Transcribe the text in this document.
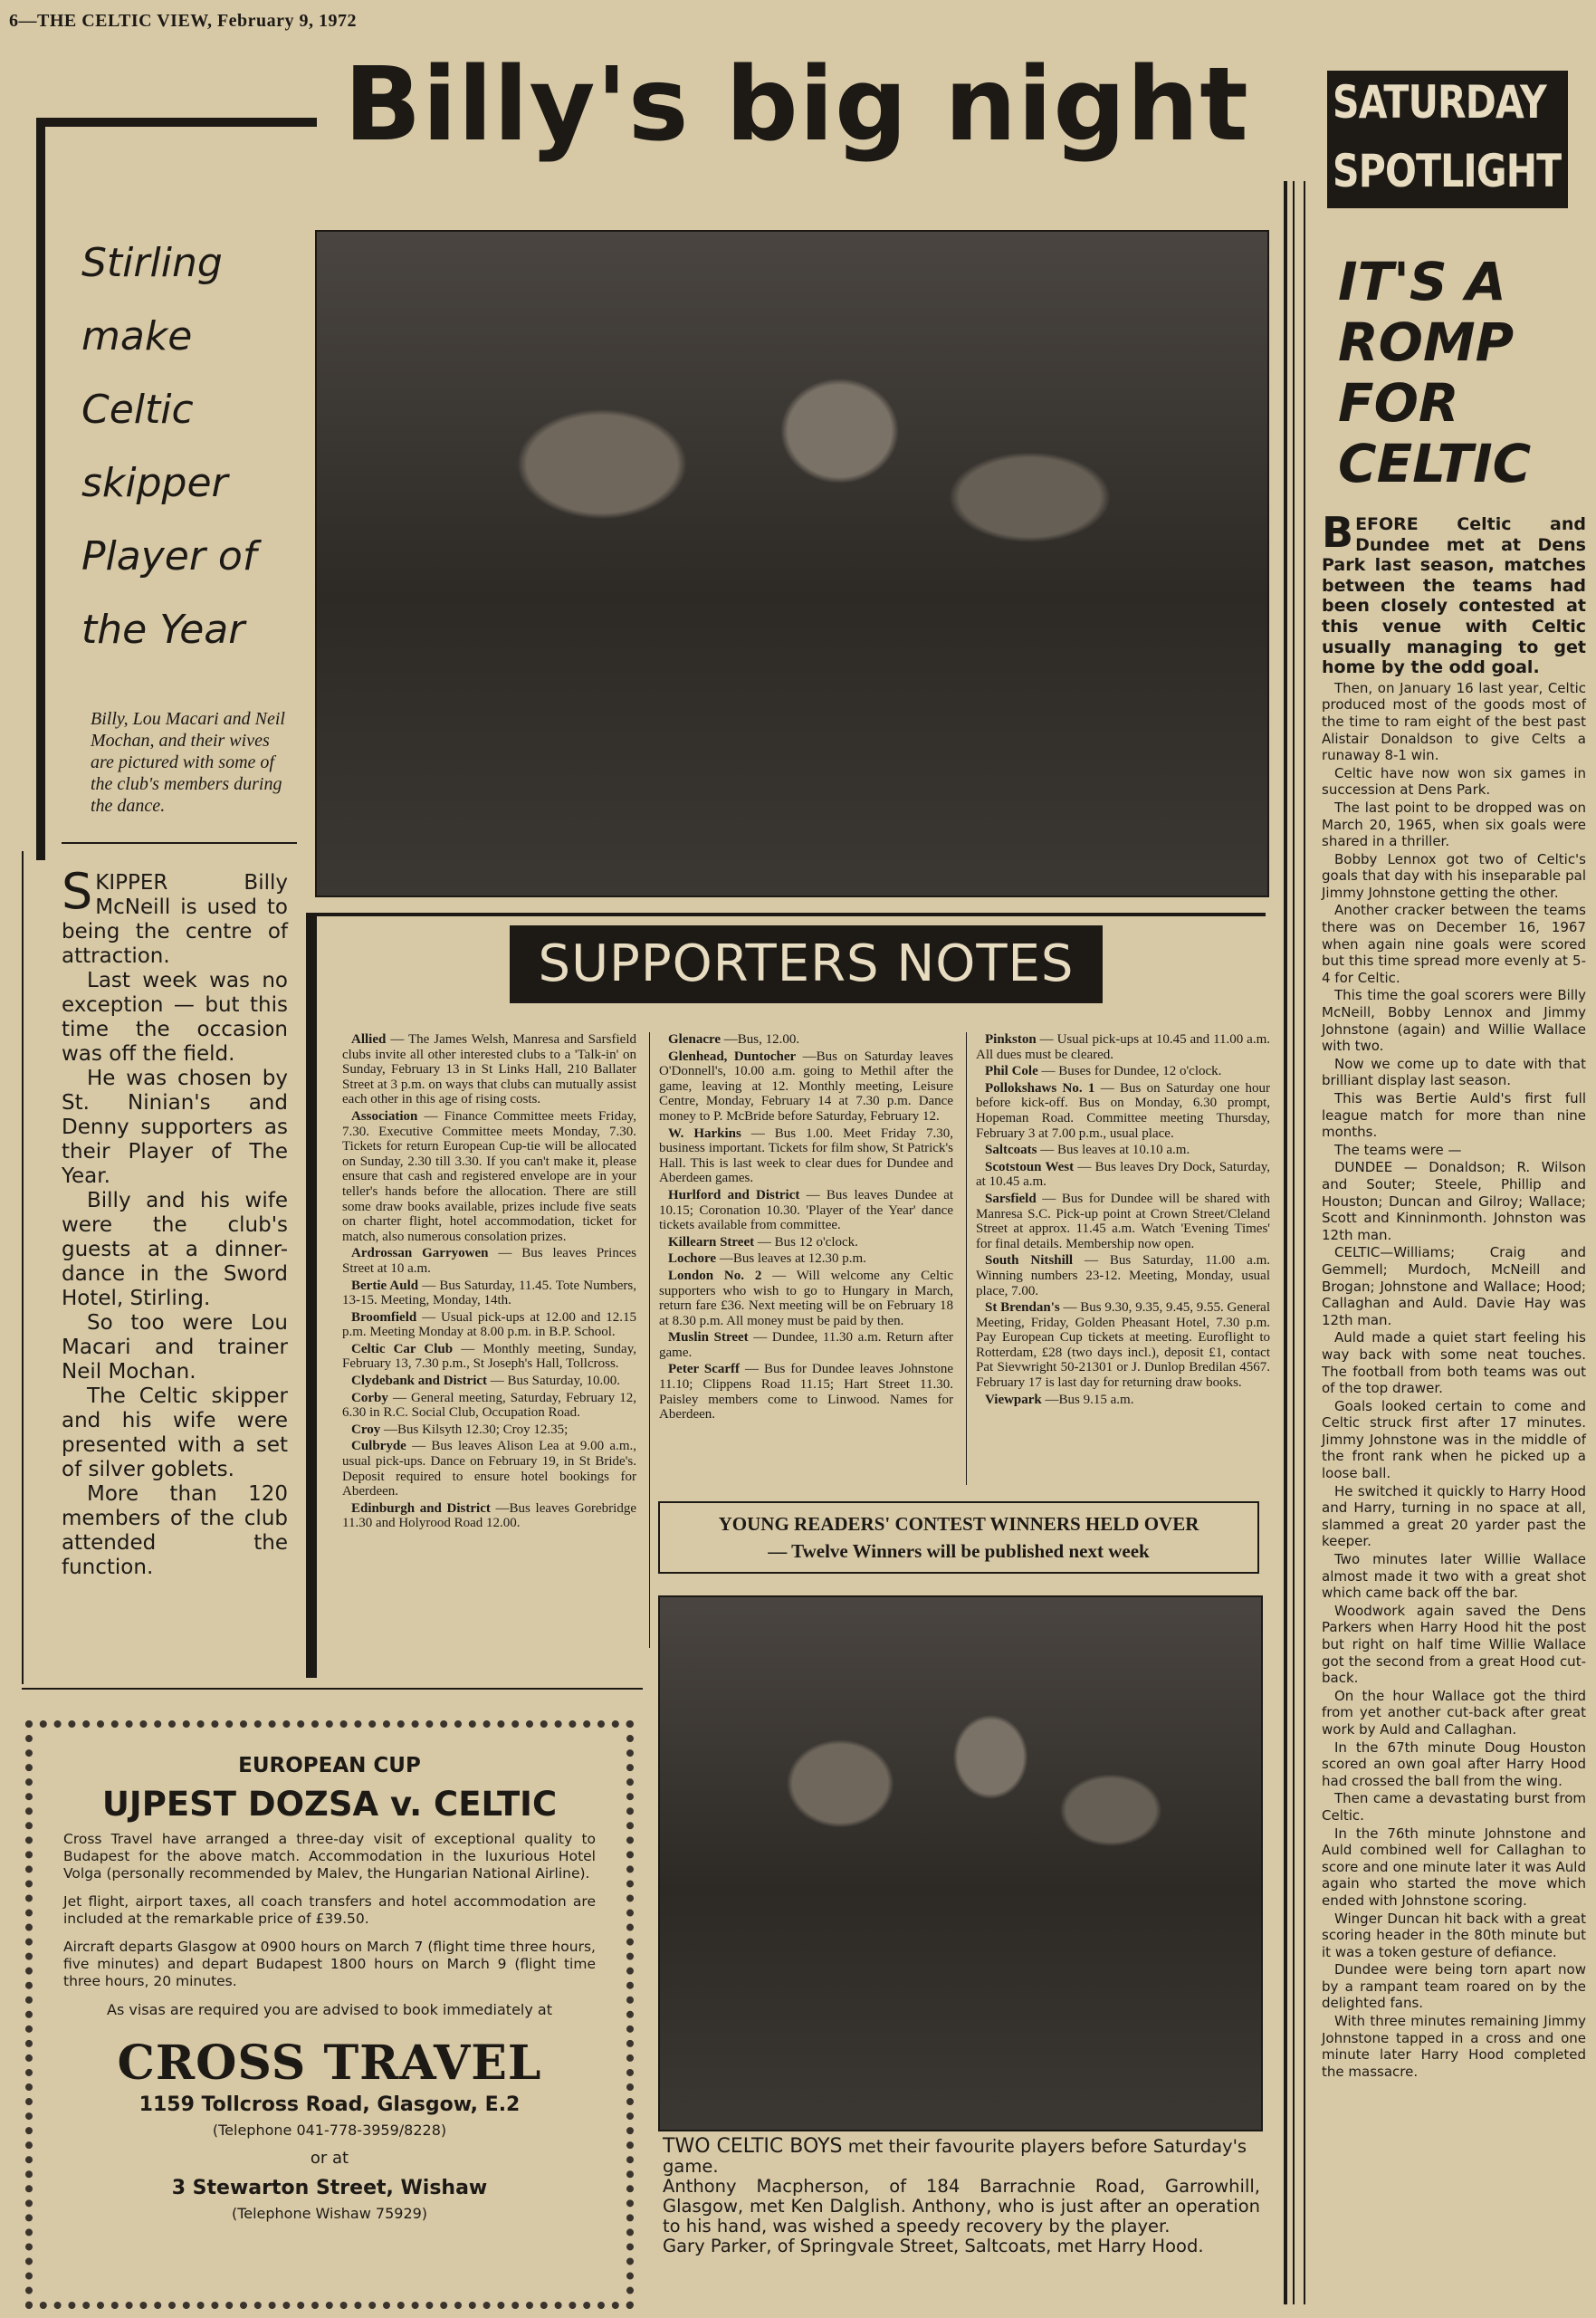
6—THE CELTIC VIEW, February 9, 1972
Billy's big night
Stirling
make
Celtic
skipper
Player of
the Year
Billy, Lou Macari and Neil Mochan, and their wives are pictured with some of the club's members during the dance.

SKIPPER Billy McNeill is used to being the centre of attraction.

Last week was no exception — but this time the occasion was off the field.

He was chosen by St. Ninian's and Denny supporters as their Player of The Year.

Billy and his wife were the club's guests at a dinner-dance in the Sword Hotel, Stirling.

So too were Lou Macari and trainer Neil Mochan.

The Celtic skipper and his wife were presented with a set of silver goblets.

More than 120 members of the club attended the function.

SATURDAY
SPOTLIGHT
IT'S A
ROMP
FOR
CELTIC

BEFORE Celtic and Dundee met at Dens Park last season, matches between the teams had been closely contested at this venue with Celtic usually managing to get home by the odd goal.

Then, on January 16 last year, Celtic produced most of the goods most of the time to ram eight of the best past Alistair Donaldson to give Celts a runaway 8-1 win.

Celtic have now won six games in succession at Dens Park.

The last point to be dropped was on March 20, 1965, when six goals were shared in a thriller.

Bobby Lennox got two of Celtic's goals that day with his inseparable pal Jimmy Johnstone getting the other.

Another cracker between the teams there was on December 16, 1967 when again nine goals were scored but this time spread more evenly at 5-4 for Celtic.

This time the goal scorers were Billy McNeill, Bobby Lennox and Jimmy Johnstone (again) and Willie Wallace with two.

Now we come up to date with that brilliant display last season.

This was Bertie Auld's first full league match for more than nine months.

The teams were —

DUNDEE — Donaldson; R. Wilson and Souter; Steele, Phillip and Houston; Duncan and Gilroy; Wallace; Scott and Kinninmonth. Johnston was 12th man.

CELTIC—Williams; Craig and Gemmell; Murdoch, McNeill and Brogan; Johnstone and Wallace; Hood; Callaghan and Auld. Davie Hay was 12th man.

Auld made a quiet start feeling his way back with some neat touches. The football from both teams was out of the top drawer.

Goals looked certain to come and Celtic struck first after 17 minutes. Jimmy Johnstone was in the middle of the front rank when he picked up a loose ball.

He switched it quickly to Harry Hood and Harry, turning in no space at all, slammed a great 20 yarder past the keeper.

Two minutes later Willie Wallace almost made it two with a great shot which came back off the bar.

Woodwork again saved the Dens Parkers when Harry Hood hit the post but right on half time Willie Wallace got the second from a great Hood cut-back.

On the hour Wallace got the third from yet another cut-back after great work by Auld and Callaghan.

In the 67th minute Doug Houston scored an own goal after Harry Hood had crossed the ball from the wing.

Then came a devastating burst from Celtic.

In the 76th minute Johnstone and Auld combined well for Callaghan to score and one minute later it was Auld again who started the move which ended with Johnstone scoring.

Winger Duncan hit back with a great scoring header in the 80th minute but it was a token gesture of defiance.

Dundee were being torn apart now by a rampant team roared on by the delighted fans.

With three minutes remaining Jimmy Johnstone tapped in a cross and one minute later Harry Hood completed the massacre.

SUPPORTERS NOTES

Allied — The James Welsh, Manresa and Sarsfield clubs invite all other interested clubs to a 'Talk-in' on Sunday, February 13 in St Links Hall, 210 Ballater Street at 3 p.m. on ways that clubs can mutually assist each other in this age of rising costs.

Association — Finance Committee meets Friday, 7.30. Executive Committee meets Monday, 7.30. Tickets for return European Cup-tie will be allocated on Sunday, 2.30 till 3.30. If you can't make it, please ensure that cash and registered envelope are in your teller's hands before the allocation. There are still some draw books available, prizes include five seats on charter flight, hotel accommodation, ticket for match, also numerous consolation prizes.

Ardrossan Garryowen — Bus leaves Princes Street at 10 a.m.

Bertie Auld — Bus Saturday, 11.45. Tote Numbers, 13-15. Meeting, Monday, 14th.

Broomfield — Usual pick-ups at 12.00 and 12.15 p.m. Meeting Monday at 8.00 p.m. in B.P. School.

Celtic Car Club — Monthly meeting, Sunday, February 13, 7.30 p.m., St Joseph's Hall, Tollcross.

Clydebank and District — Bus Saturday, 10.00.

Corby — General meeting, Saturday, February 12, 6.30 in R.C. Social Club, Occupation Road.

Croy —Bus Kilsyth 12.30; Croy 12.35;

Culbryde — Bus leaves Alison Lea at 9.00 a.m., usual pick-ups. Dance on February 19, in St Bride's. Deposit required to ensure hotel bookings for Aberdeen.

Edinburgh and District —Bus leaves Gorebridge 11.30 and Holyrood Road 12.00.

Glenacre —Bus, 12.00.

Glenhead, Duntocher —Bus on Saturday leaves O'Donnell's, 10.00 a.m. going to Methil after the game, leaving at 12. Monthly meeting, Leisure Centre, Monday, February 14 at 7.30 p.m. Dance money to P. McBride before Saturday, February 12.

W. Harkins — Bus 1.00. Meet Friday 7.30, business important. Tickets for film show, St Patrick's Hall. This is last week to clear dues for Dundee and Aberdeen games.

Hurlford and District — Bus leaves Dundee at 10.15; Coronation 10.30. 'Player of the Year' dance tickets available from committee.

Killearn Street — Bus 12 o'clock.

Lochore —Bus leaves at 12.30 p.m.

London No. 2 — Will welcome any Celtic supporters who wish to go to Hungary in March, return fare £36. Next meeting will be on February 18 at 8.30 p.m. All money must be paid by then.

Muslin Street — Dundee, 11.30 a.m. Return after game.

Peter Scarff — Bus for Dundee leaves Johnstone 11.10; Clippens Road 11.15; Hart Street 11.30. Paisley members come to Linwood. Names for Aberdeen.

Pinkston — Usual pick-ups at 10.45 and 11.00 a.m. All dues must be cleared.

Phil Cole — Buses for Dundee, 12 o'clock.

Pollokshaws No. 1 — Bus on Saturday one hour before kick-off. Bus on Monday, 6.30 prompt, Hopeman Road. Committee meeting Thursday, February 3 at 7.00 p.m., usual place.

Saltcoats — Bus leaves at 10.10 a.m.

Scotstoun West — Bus leaves Dry Dock, Saturday, at 10.45 a.m.

Sarsfield — Bus for Dundee will be shared with Manresa S.C. Pick-up point at Crown Street/Cleland Street at approx. 11.45 a.m. Watch 'Evening Times' for final details. Membership now open.

South Nitshill — Bus Saturday, 11.00 a.m. Winning numbers 23-12. Meeting, Monday, usual place, 7.00.

St Brendan's — Bus 9.30, 9.35, 9.45, 9.55. General Meeting, Friday, Golden Pheasant Hotel, 7.30 p.m. Pay European Cup tickets at meeting. Euroflight to Rotterdam, £28 (two days incl.), deposit £1, contact Pat Sievwright 50-21301 or J. Dunlop Bredilan 4567. February 17 is last day for returning draw books.

Viewpark —Bus 9.15 a.m.

YOUNG READERS' CONTEST WINNERS HELD OVER
— Twelve Winners will be published next week
EUROPEAN CUP
UJPEST DOZSA v. CELTIC

Cross Travel have arranged a three-day visit of exceptional quality to Budapest for the above match. Accommodation in the luxurious Hotel Volga (personally recommended by Malev, the Hungarian National Airline).

Jet flight, airport taxes, all coach transfers and hotel accommodation are included at the remarkable price of £39.50.

Aircraft departs Glasgow at 0900 hours on March 7 (flight time three hours, five minutes) and depart Budapest 1800 hours on March 9 (flight time three hours, 20 minutes.

As visas are required you are advised to book immediately at

CROSS TRAVEL
1159 Tollcross Road, Glasgow, E.2
(Telephone 041-778-3959/8228)
or at
3 Stewarton Street, Wishaw
(Telephone Wishaw 75929)

TWO CELTIC BOYS met their favourite players before Saturday's game.

Anthony Macpherson, of 184 Barrachnie Road, Garrowhill, Glasgow, met Ken Dalglish. Anthony, who is just after an operation to his hand, was wished a speedy recovery by the player.

Gary Parker, of Springvale Street, Saltcoats, met Harry Hood.
